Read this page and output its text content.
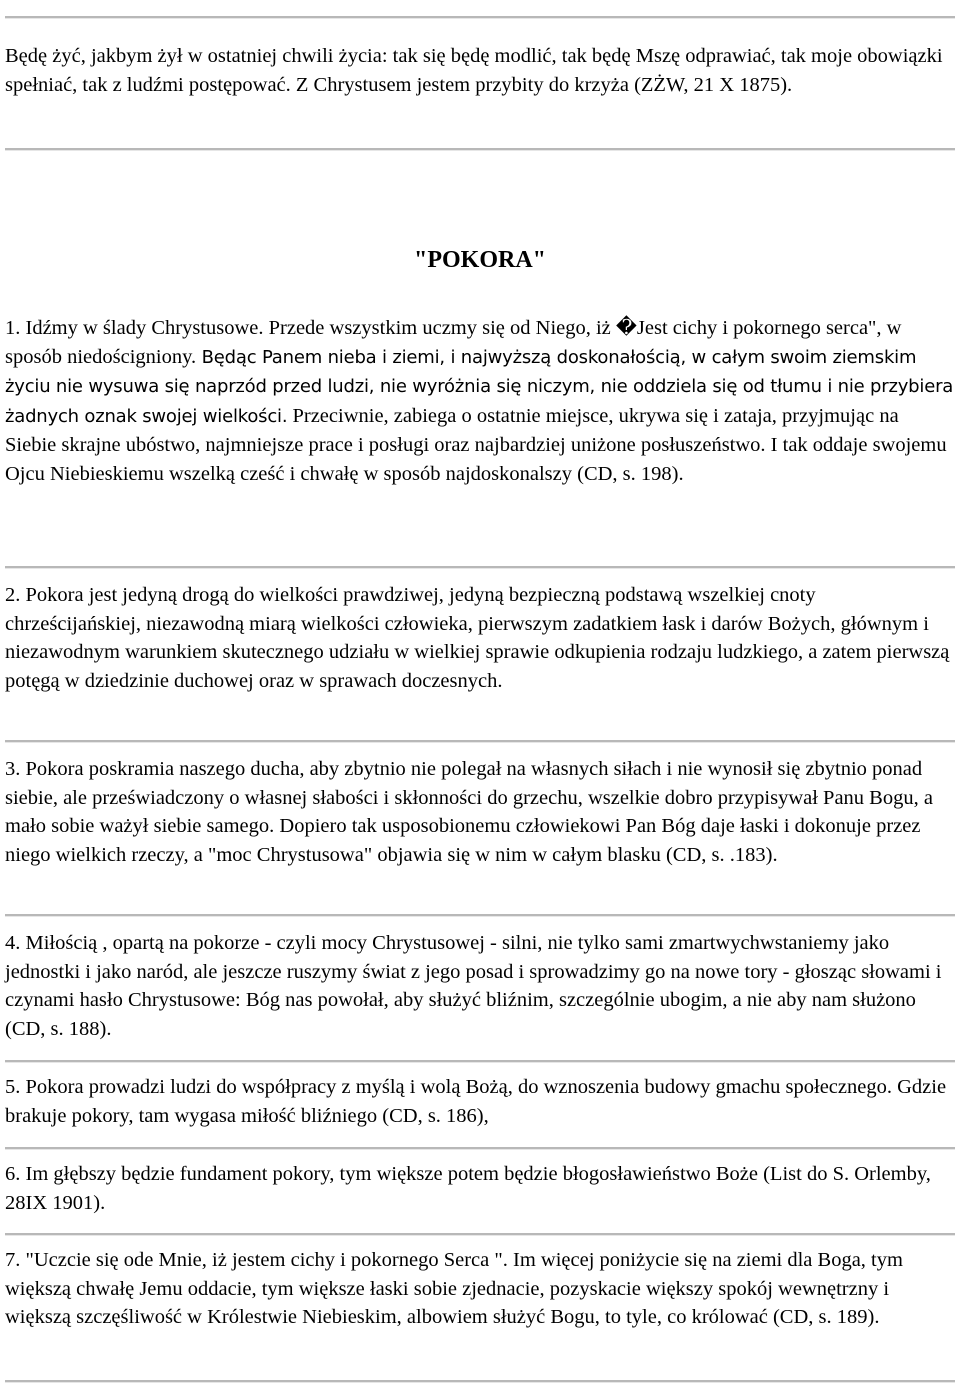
Będę żyć, jakbym żył w ostatniej chwili życia: tak się będę modlić, tak będę Mszę odprawiać, tak moje obowiązki spełniać, tak z ludźmi postępować. Z Chrystusem jestem przybity do krzyża (ZŻW, 21 X 1875).

"POKORA"

1. Idźmy w ślady Chrystusowe. Przede wszystkim uczmy się od Niego, iż �Jest cichy i pokornego serca", w sposób niedościgniony. Będąc Panem nieba i ziemi, i najwyższą doskonałością, w całym swoim ziemskim życiu nie wysuwa się naprzód przed ludzi, nie wyróżnia się niczym, nie oddziela się od tłumu i nie przybiera żadnych oznak swojej wielkości. Przeciwnie, zabiega o ostatnie miejsce, ukrywa się i zataja, przyjmując na Siebie skrajne ubóstwo, najmniejsze prace i posługi oraz najbardziej uniżone posłuszeństwo. I tak oddaje swojemu Ojcu Niebieskiemu wszelką cześć i chwałę w sposób najdoskonalszy (CD, s. 198).

2. Pokora jest jedyną drogą do wielkości prawdziwej, jedyną bezpieczną podstawą wszelkiej cnoty chrześcijańskiej, niezawodną miarą wielkości człowieka, pierwszym zadatkiem łask i darów Bożych, głównym i niezawodnym warunkiem skutecznego udziału w wielkiej sprawie odkupienia rodzaju ludzkiego, a zatem pierwszą potęgą w dziedzinie duchowej oraz w sprawach doczesnych.

3. Pokora poskramia naszego ducha, aby zbytnio nie polegał na własnych siłach i nie wynosił się zbytnio ponad siebie, ale przeświadczony o własnej słabości i skłonności do grzechu, wszelkie dobro przypisywał Panu Bogu, a mało sobie ważył siebie samego. Dopiero tak usposobionemu człowiekowi Pan Bóg daje łaski i dokonuje przez niego wielkich rzeczy, a "moc Chrystusowa" objawia się w nim w całym blasku (CD, s. .183).

4. Miłością , opartą na pokorze - czyli mocy Chrystusowej - silni, nie tylko sami zmartwychwstaniemy jako jednostki i jako naród, ale jeszcze ruszymy świat z jego posad i sprowadzimy go na nowe tory - głosząc słowami i czynami hasło Chrystusowe: Bóg nas powołał, aby służyć bliźnim, szczególnie ubogim, a nie aby nam służono (CD, s. 188).

5. Pokora prowadzi ludzi do współpracy z myślą i wolą Bożą, do wznoszenia budowy gmachu społecznego. Gdzie brakuje pokory, tam wygasa miłość bliźniego (CD, s. 186),

6. Im głębszy będzie fundament pokory, tym większe potem będzie błogosławieństwo Boże (List do S. Orlemby, 28IX 1901).

7. "Uczcie się ode Mnie, iż jestem cichy i pokornego Serca ". Im więcej poniżycie się na ziemi dla Boga, tym większą chwałę Jemu oddacie, tym większe łaski sobie zjednacie, pozyskacie większy spokój wewnętrzny i większą szczęśliwość w Królestwie Niebieskim, albowiem służyć Bogu, to tyle, co królować (CD, s. 189).
